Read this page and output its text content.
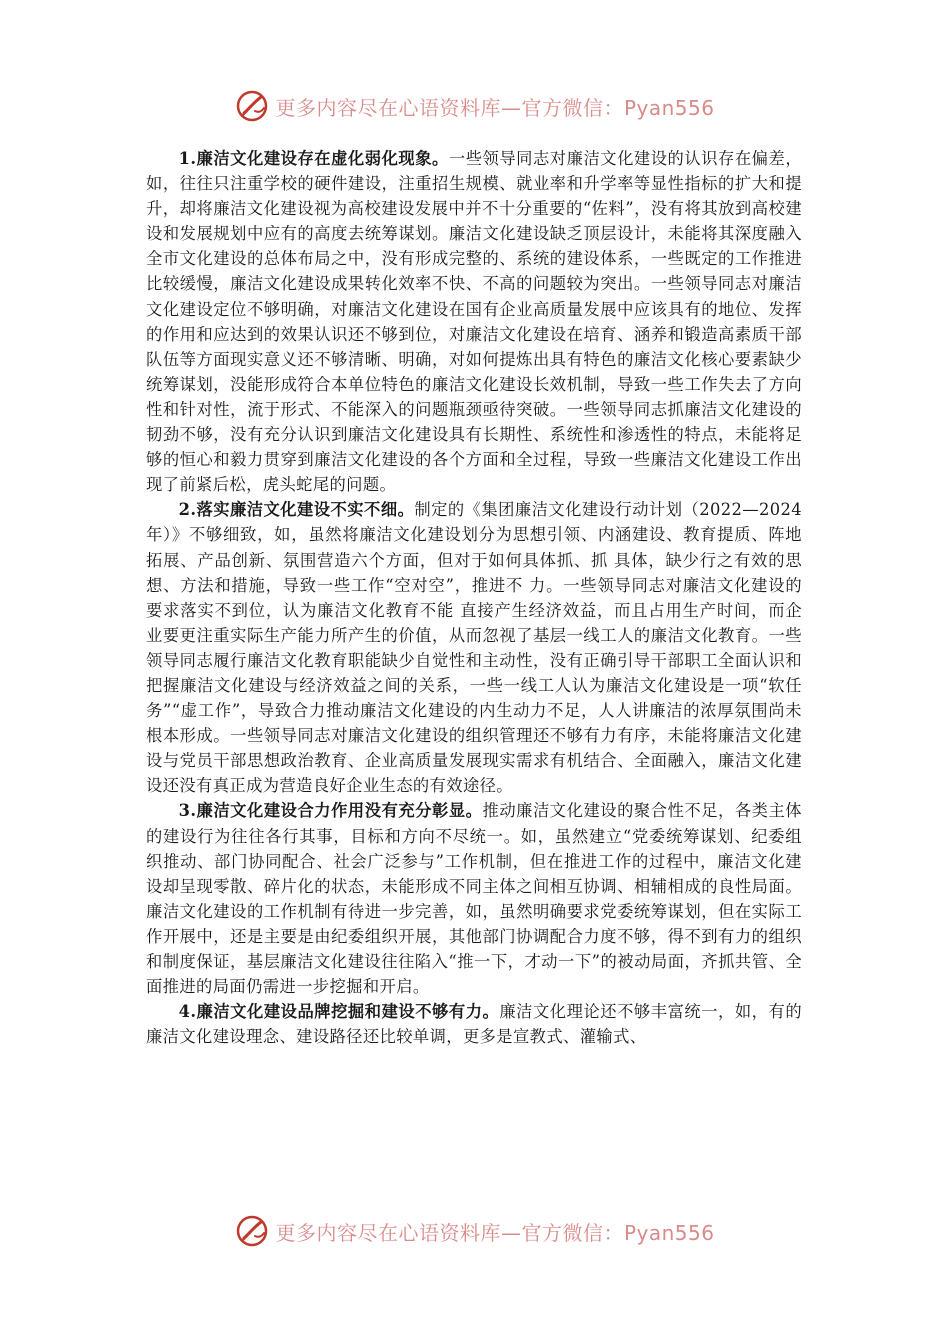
更多内容尽在心语资料库—官方微信：Pyan556

1.廉洁文化建设存在虚化弱化现象。一些领导同志对廉洁文化建设的认识存在偏差，如，往往只注重学校的硬件建设，注重招生规模、就业率和升学率等显性指标的扩大和提升，却将廉洁文化建设视为高校建设发展中并不十分重要的“佐料”，没有将其放到高校建设和发展规划中应有的高度去统筹谋划。廉洁文化建设缺乏顶层设计，未能将其深度融入全市文化建设的总体布局之中，没有形成完整的、系统的建设体系，一些既定的工作推进比较缓慢，廉洁文化建设成果转化效率不快、不高的问题较为突出。一些领导同志对廉洁文化建设定位不够明确，对廉洁文化建设在国有企业高质量发展中应该具有的地位、发挥的作用和应达到的效果认识还不够到位，对廉洁文化建设在培育、涵养和锻造高素质干部队伍等方面现实意义还不够清晰、明确，对如何提炼出具有特色的廉洁文化核心要素缺少统筹谋划，没能形成符合本单位特色的廉洁文化建设长效机制，导致一些工作失去了方向性和针对性，流于形式、不能深入的问题瓶颈亟待突破。一些领导同志抓廉洁文化建设的韧劲不够，没有充分认识到廉洁文化建设具有长期性、系统性和渗透性的特点，未能将足够的恒心和毅力贯穿到廉洁文化建设的各个方面和全过程，导致一些廉洁文化建设工作出现了前紧后松，虎头蛇尾的问题。

2.落实廉洁文化建设不实不细。制定的《集团廉洁文化建设行动计划（2022—2024年）》不够细致，如，虽然将廉洁文化建设划分为思想引领、内涵建设、教育提质、阵地拓展、产品创新、氛围营造六个方面，但对于如何具体抓、抓 具体，缺少行之有效的思想、方法和措施，导致一些工作“空对空”，推进不 力。一些领导同志对廉洁文化建设的要求落实不到位，认为廉洁文化教育不能 直接产生经济效益，而且占用生产时间，而企业要更注重实际生产能力所产生的价值，从而忽视了基层一线工人的廉洁文化教育。一些领导同志履行廉洁文化教育职能缺少自觉性和主动性，没有正确引导干部职工全面认识和把握廉洁文化建设与经济效益之间的关系，一些一线工人认为廉洁文化建设是一项“软任务”“虚工作”，导致合力推动廉洁文化建设的内生动力不足，人人讲廉洁的浓厚氛围尚未根本形成。一些领导同志对廉洁文化建设的组织管理还不够有力有序，未能将廉洁文化建设与党员干部思想政治教育、企业高质量发展现实需求有机结合、全面融入，廉洁文化建设还没有真正成为营造良好企业生态的有效途径。

3.廉洁文化建设合力作用没有充分彰显。推动廉洁文化建设的聚合性不足，各类主体的建设行为往往各行其事，目标和方向不尽统一。如，虽然建立“党委统筹谋划、纪委组织推动、部门协同配合、社会广泛参与”工作机制，但在推进工作的过程中，廉洁文化建设却呈现零散、碎片化的状态，未能形成不同主体之间相互协调、相辅相成的良性局面。廉洁文化建设的工作机制有待进一步完善，如，虽然明确要求党委统筹谋划，但在实际工作开展中，还是主要是由纪委组织开展，其他部门协调配合力度不够，得不到有力的组织和制度保证，基层廉洁文化建设往往陷入“推一下，才动一下”的被动局面，齐抓共管、全面推进的局面仍需进一步挖掘和开启。

4.廉洁文化建设品牌挖掘和建设不够有力。廉洁文化理论还不够丰富统一，如，有的廉洁文化建设理念、建设路径还比较单调，更多是宣教式、灌输式、

更多内容尽在心语资料库—官方微信：Pyan556
